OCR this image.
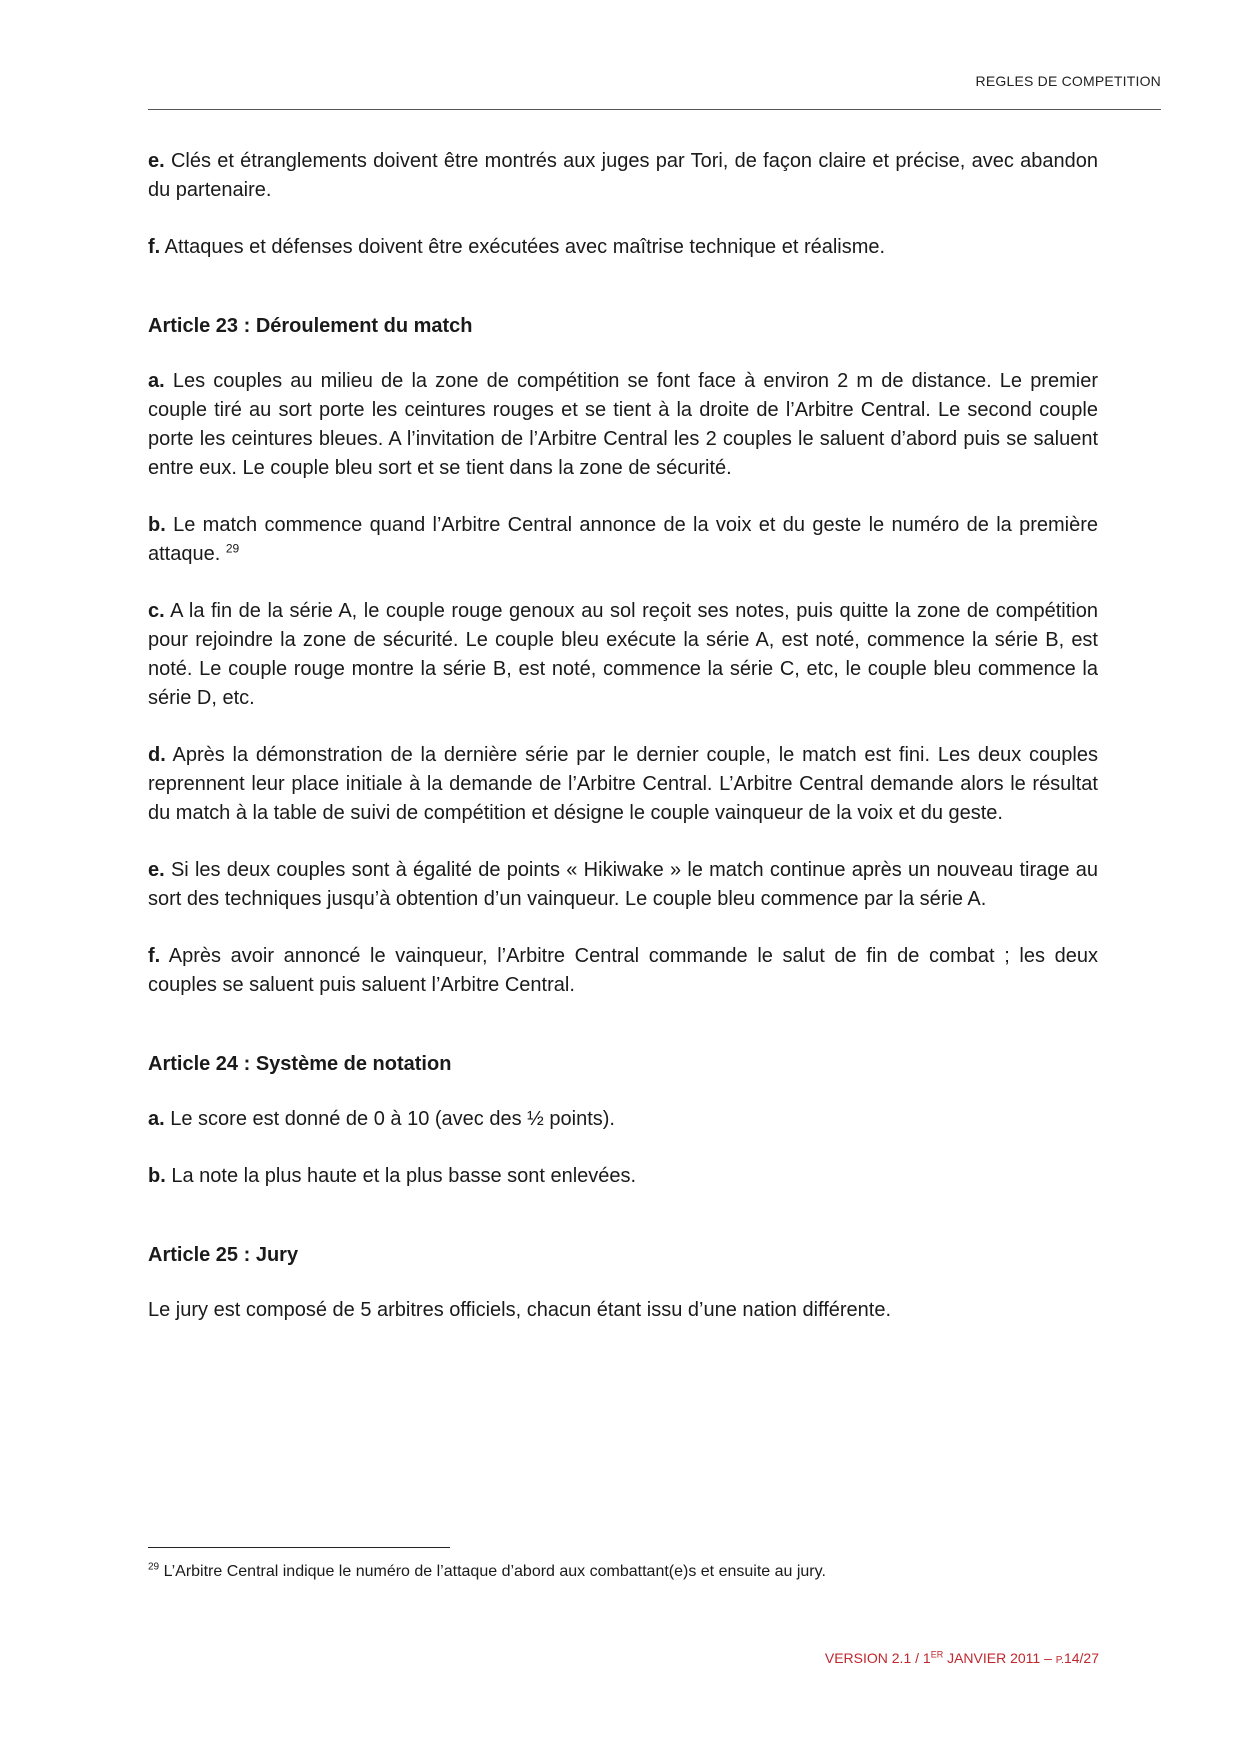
REGLES DE COMPETITION

e. Clés et étranglements doivent être montrés aux juges par Tori, de façon claire et précise, avec abandon du partenaire.

f. Attaques et défenses doivent être exécutées avec maîtrise technique et réalisme.

Article 23 : Déroulement du match

a. Les couples au milieu de la zone de compétition se font face à environ 2 m de distance. Le premier couple tiré au sort porte les ceintures rouges et se tient à la droite de l’Arbitre Central. Le second couple porte les ceintures bleues. A l’invitation de l’Arbitre Central les 2 couples le saluent d’abord puis se saluent entre eux. Le couple bleu sort et se tient dans la zone de sécurité.

b. Le match commence quand l’Arbitre Central annonce de la voix et du geste le numéro de la première attaque. $^{29}$

c. A la fin de la série A, le couple rouge genoux au sol reçoit ses notes, puis quitte la zone de compétition pour rejoindre la zone de sécurité. Le couple bleu exécute la série A, est noté, commence la série B, est noté. Le couple rouge montre la série B, est noté, commence la série C, etc, le couple bleu commence la série D, etc.

d. Après la démonstration de la dernière série par le dernier couple, le match est fini. Les deux couples reprennent leur place initiale à la demande de l’Arbitre Central. L’Arbitre Central demande alors le résultat du match à la table de suivi de compétition et désigne le couple vainqueur de la voix et du geste.

e. Si les deux couples sont à égalité de points « Hikiwake » le match continue après un nouveau tirage au sort des techniques jusqu’à obtention d’un vainqueur. Le couple bleu commence par la série A.

f. Après avoir annoncé le vainqueur, l’Arbitre Central commande le salut de fin de combat ; les deux couples se saluent puis saluent l’Arbitre Central.

Article 24 : Système de notation

a. Le score est donné de 0 à 10 (avec des ½ points).

b. La note la plus haute et la plus basse sont enlevées.

Article 25 : Jury

Le jury est composé de 5 arbitres officiels, chacun étant issu d’une nation différente.

$^{29}$ L’Arbitre Central indique le numéro de l’attaque d’abord aux combattant(e)s et ensuite au jury.
VERSION 2.1 / 1ER JANVIER 2011 – P.14/27
